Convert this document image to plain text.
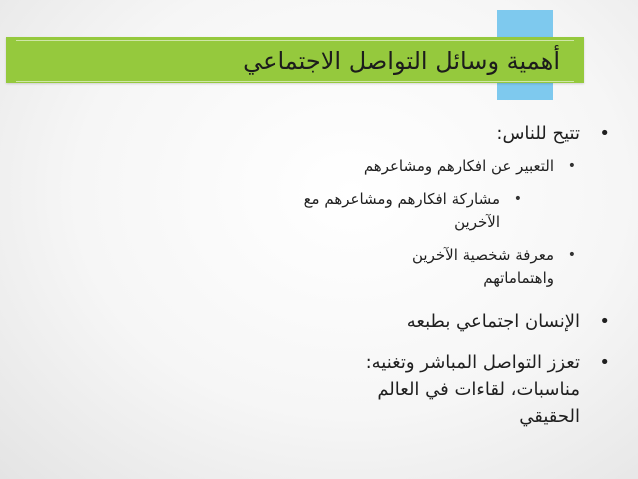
أهمية وسائل التواصل الاجتماعي
•
تتيح للناس:
•
التعبير عن افكارهم ومشاعرهم
•
مشاركة افكارهم ومشاعرهم مع الآخرين
•
معرفة شخصية الآخرين واهتماماتهم
•
الإنسان اجتماعي بطبعه
•
تعزز التواصل المباشر وتغنيه: مناسبات، لقاءات في العالم الحقيقي
